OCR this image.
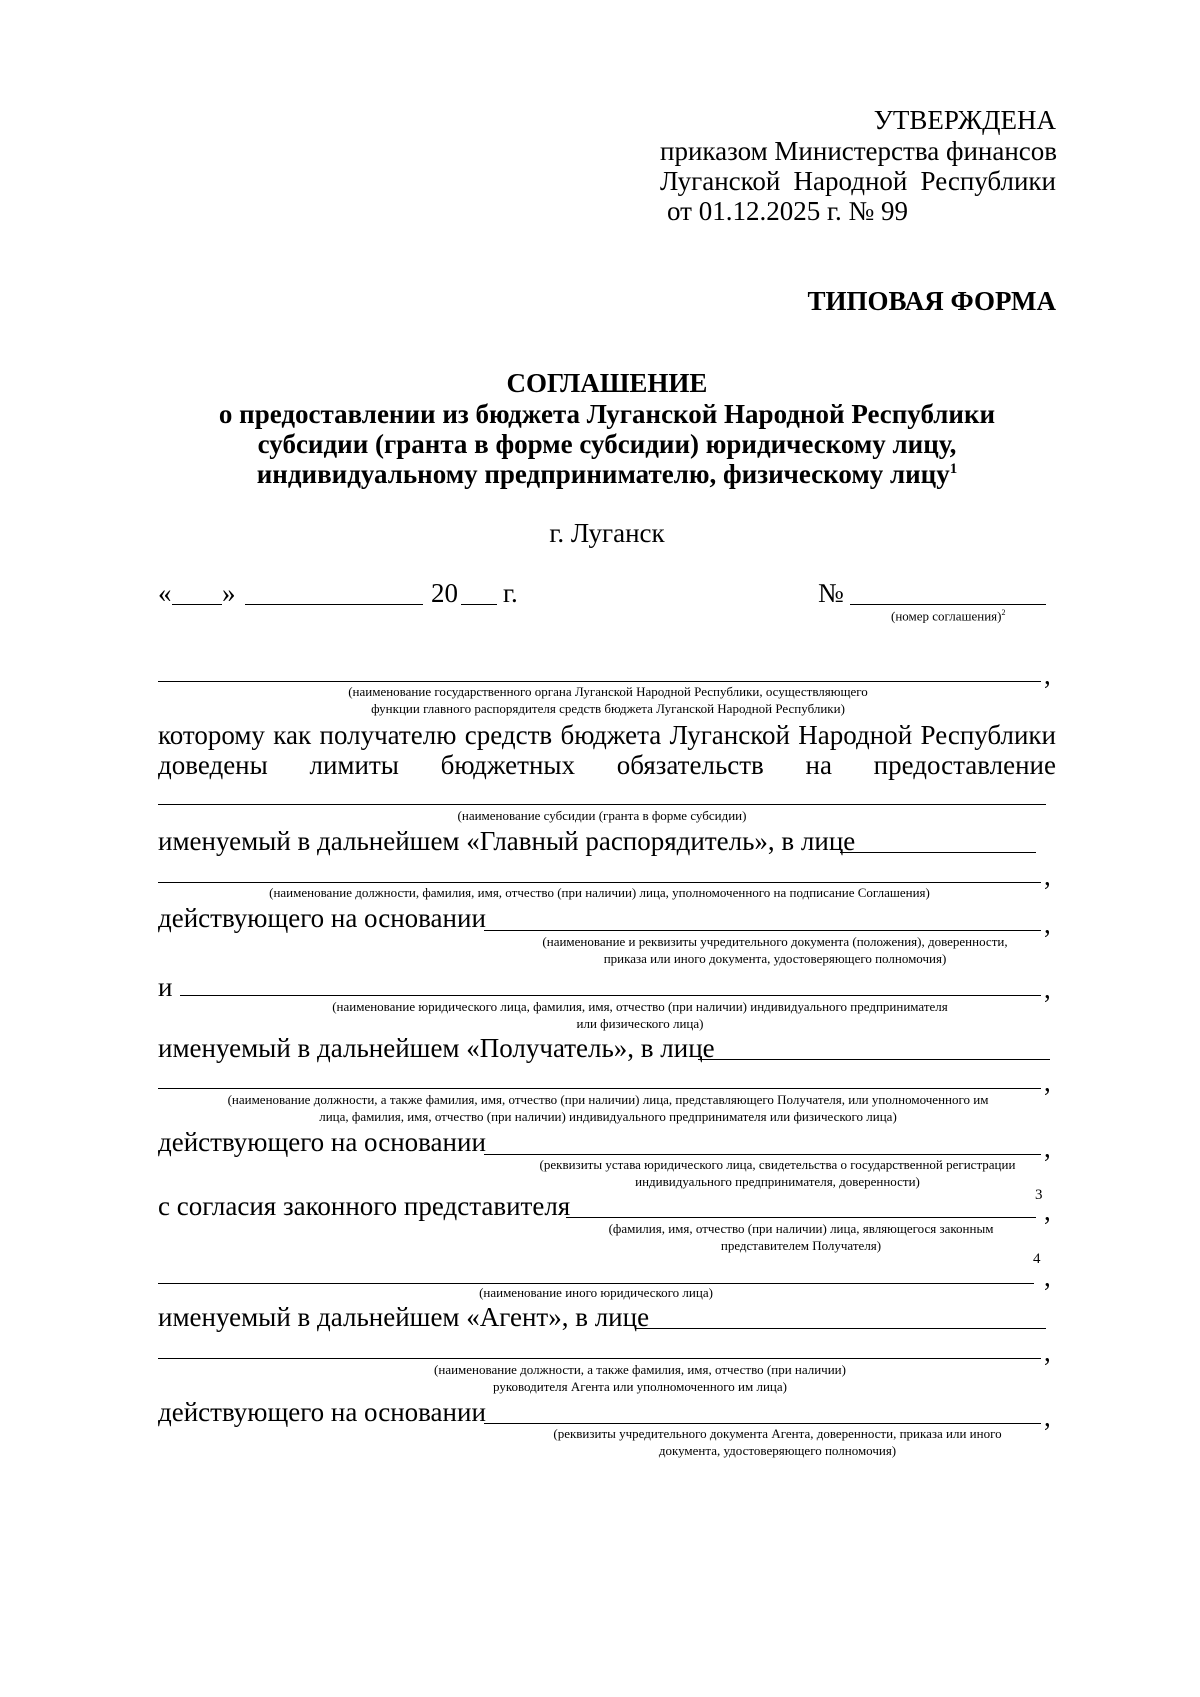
УТВЕРЖДЕНА
приказом Министерства финансов
Луганской Народной Республики
от 01.12.2025 г. № 99
ТИПОВАЯ ФОРМА
СОГЛАШЕНИЕ
о предоставлении из бюджета Луганской Народной Республики
субсидии (гранта в форме субсидии) юридическому лицу,
индивидуальному предпринимателю, физическому лицу$^1$
г. Луганск
« »	20 г.	№
(номер соглашения)$^2$
,
(наименование государственного органа Луганской Народной Республики, осуществляющего
функции главного распорядителя средств бюджета Луганской Народной Республики)
которому как получателю средств бюджета Луганской Народной Республики
доведены лимиты бюджетных обязательств на предоставление
(наименование субсидии (гранта в форме субсидии)
именуемый в дальнейшем «Главный распорядитель», в лице
,
(наименование должности, фамилия, имя, отчество (при наличии) лица, уполномоченного на подписание Соглашения)
действующего на основании	,
(наименование и реквизиты учредительного документа (положения), доверенности,
приказа или иного документа, удостоверяющего полномочия)
и	,
(наименование юридического лица, фамилия, имя, отчество (при наличии) индивидуального предпринимателя
или физического лица)
именуемый в дальнейшем «Получатель», в лице
,
(наименование должности, а также фамилия, имя, отчество (при наличии) лица, представляющего Получателя, или уполномоченного им
лица, фамилия, имя, отчество (при наличии) индивидуального предпринимателя или физического лица)
действующего на основании	,
(реквизиты устава юридического лица, свидетельства о государственной регистрации
индивидуального предпринимателя, доверенности)
с согласия законного представителя	3
,
(фамилия, имя, отчество (при наличии) лица, являющегося законным
представителем Получателя)
4
,
(наименование иного юридического лица)
именуемый в дальнейшем «Агент», в лице
,
(наименование должности, а также фамилия, имя, отчество (при наличии)
руководителя Агента или уполномоченного им лица)
действующего на основании	,
(реквизиты учредительного документа Агента, доверенности, приказа или иного
документа, удостоверяющего полномочия)
